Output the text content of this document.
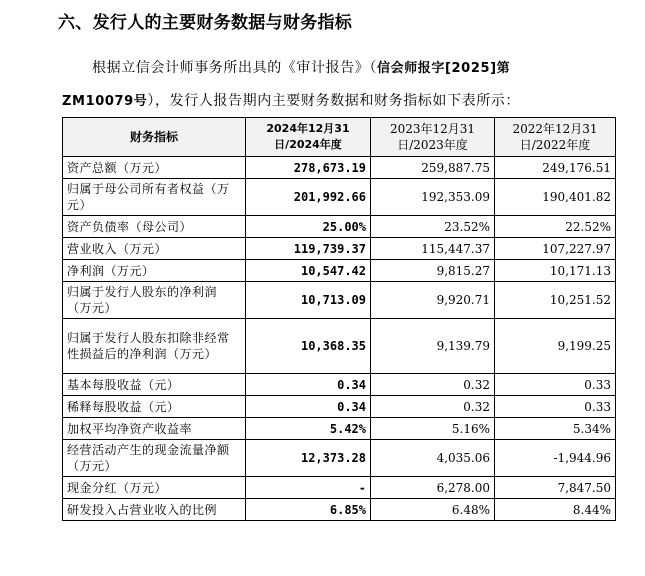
六、发行人的主要财务数据与财务指标
根据立信会计师事务所出具的《审计报告》（信会师报字[2025]第
ZM10079号），发行人报告期内主要财务数据和财务指标如下表所示：
财务指标	2024年12月31日/2024年度	2023年12月31日/2023年度	2022年12月31日/2022年度
资产总额（万元）	278,673.19	259,887.75	249,176.51
归属于母公司所有者权益（万元）	201,992.66	192,353.09	190,401.82
资产负债率（母公司）	25.00%	23.52%	22.52%
营业收入（万元）	119,739.37	115,447.37	107,227.97
净利润（万元）	10,547.42	9,815.27	10,171.13
归属于发行人股东的净利润（万元）	10,713.09	9,920.71	10,251.52
归属于发行人股东扣除非经常性损益后的净利润（万元）	10,368.35	9,139.79	9,199.25
基本每股收益（元）	0.34	0.32	0.33
稀释每股收益（元）	0.34	0.32	0.33
加权平均净资产收益率	5.42%	5.16%	5.34%
经营活动产生的现金流量净额（万元）	12,373.28	4,035.06	-1,944.96
现金分红（万元）	-	6,278.00	7,847.50
研发投入占营业收入的比例	6.85%	6.48%	8.44%
